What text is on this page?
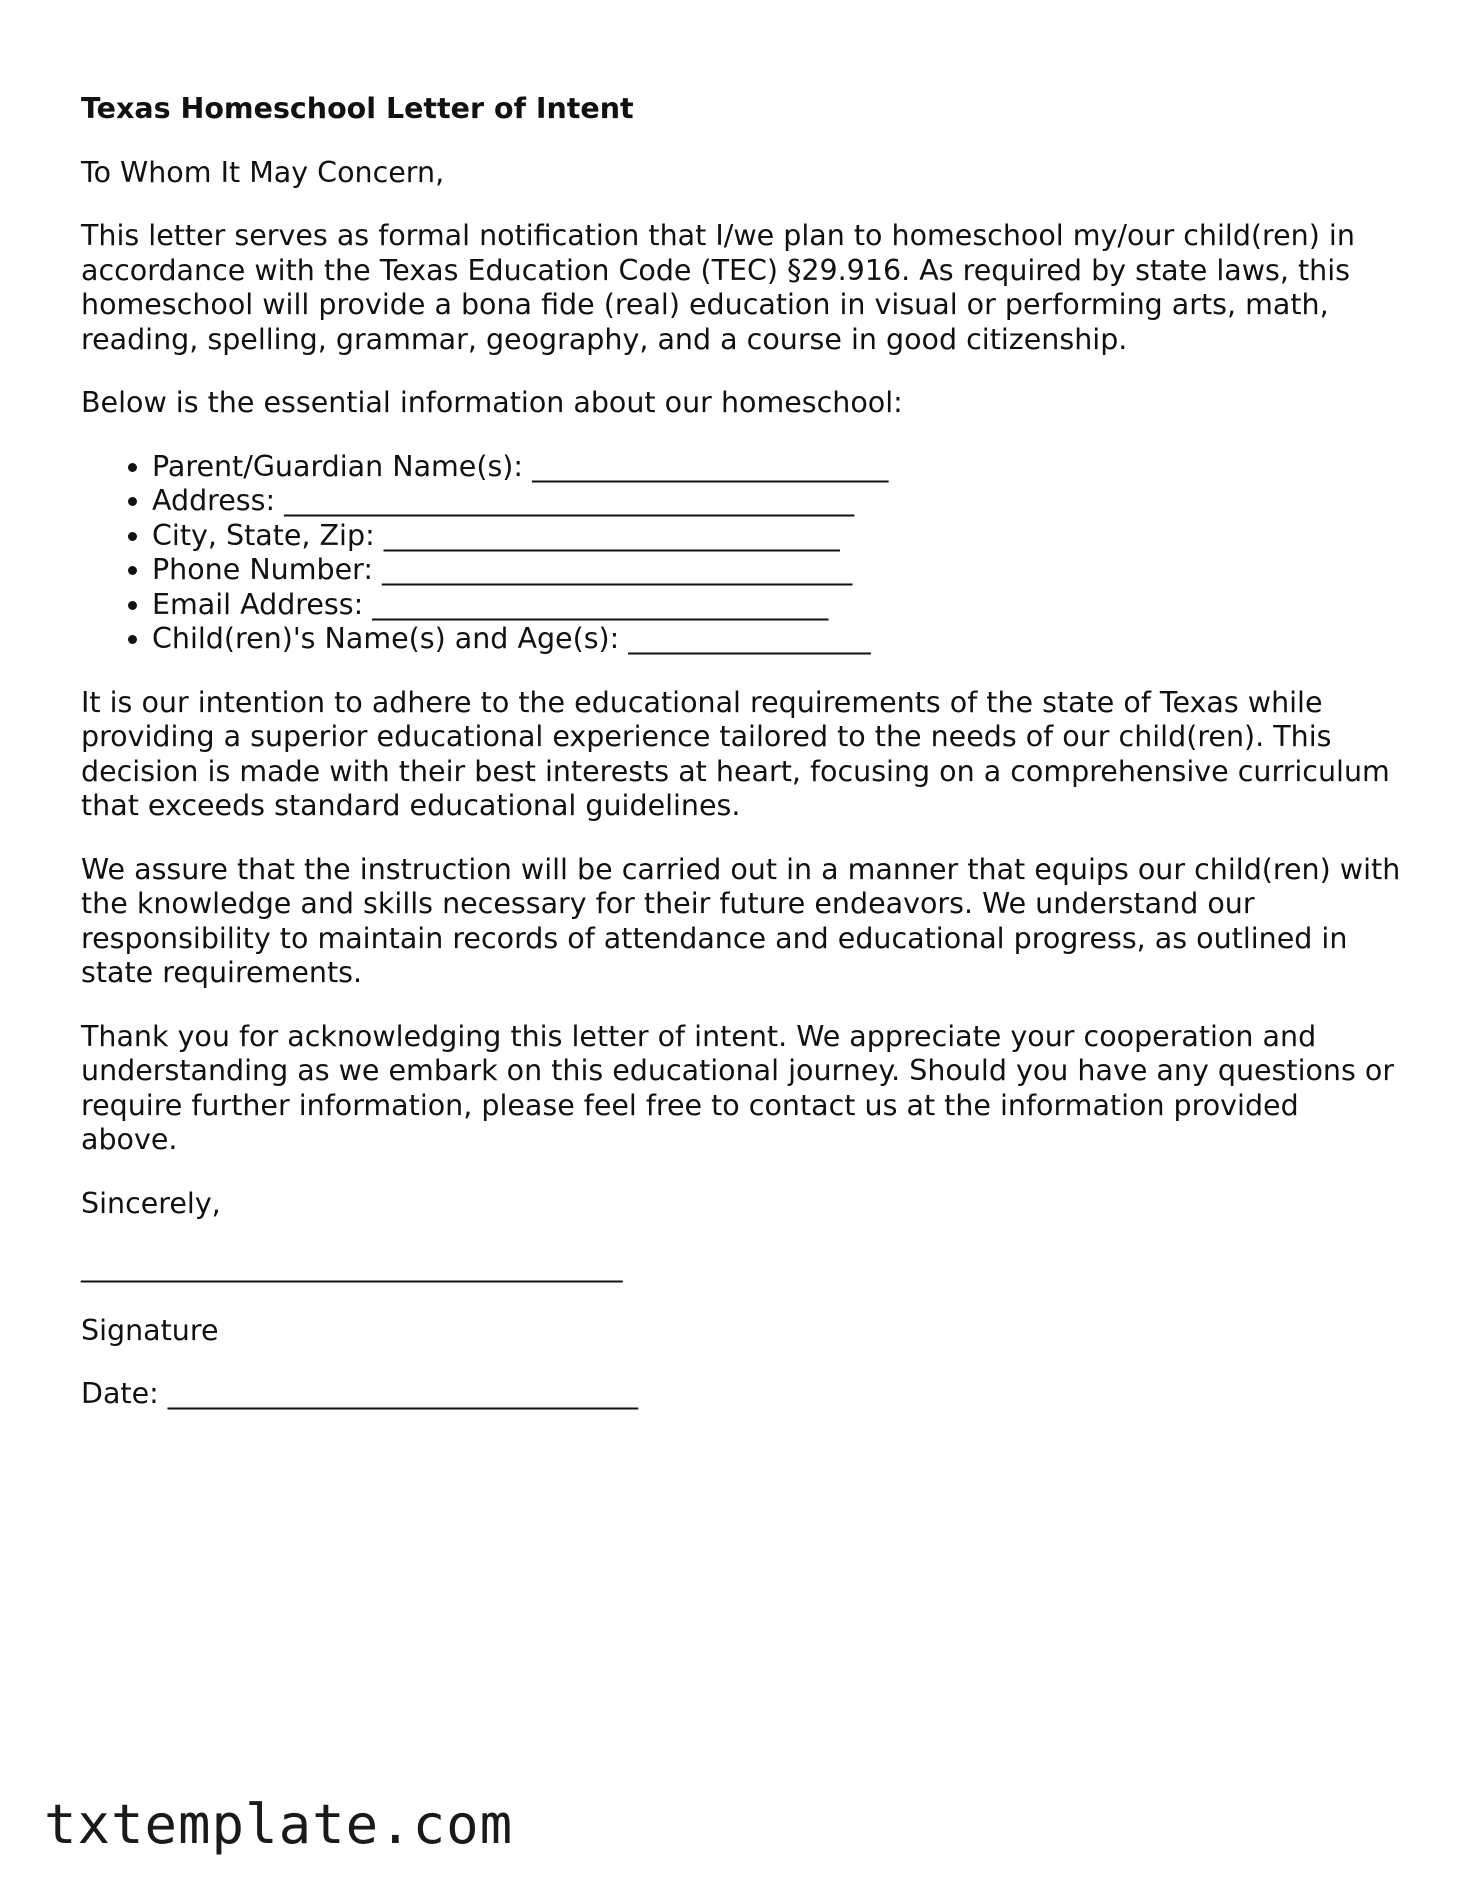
Texas Homeschool Letter of Intent

To Whom It May Concern,

This letter serves as formal notification that I/we plan to homeschool my/our child(ren) in accordance with the Texas Education Code (TEC) §29.916. As required by state laws, this homeschool will provide a bona fide (real) education in visual or performing arts, math, reading, spelling, grammar, geography, and a course in good citizenship.

Below is the essential information about our homeschool:

• Parent/Guardian Name(s): _________________________
• Address: ________________________________________
• City, State, Zip: ________________________________
• Phone Number: _________________________________
• Email Address: ________________________________
• Child(ren)'s Name(s) and Age(s): _________________

It is our intention to adhere to the educational requirements of the state of Texas while providing a superior educational experience tailored to the needs of our child(ren). This decision is made with their best interests at heart, focusing on a comprehensive curriculum that exceeds standard educational guidelines.

We assure that the instruction will be carried out in a manner that equips our child(ren) with the knowledge and skills necessary for their future endeavors. We understand our responsibility to maintain records of attendance and educational progress, as outlined in state requirements.

Thank you for acknowledging this letter of intent. We appreciate your cooperation and understanding as we embark on this educational journey. Should you have any questions or require further information, please feel free to contact us at the information provided above.

Sincerely,

______________________________________

Signature

Date: _________________________________

txtemplate.com
